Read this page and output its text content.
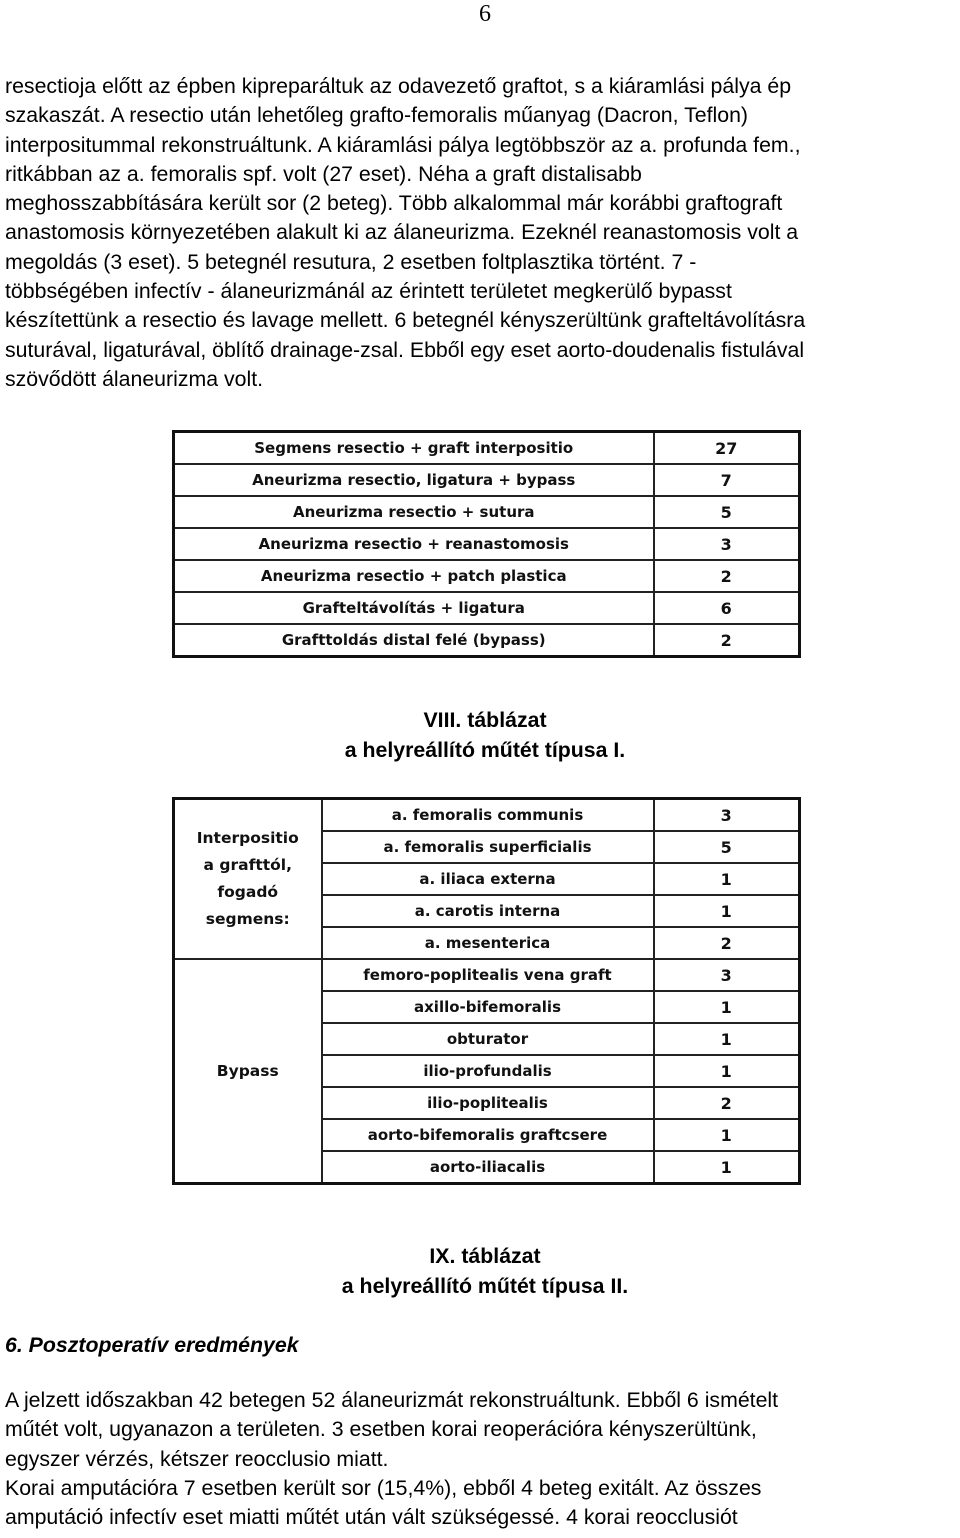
6
resectioja előtt az épben kipreparáltuk az odavezető graftot, s a kiáramlási pálya ép
szakaszát. A resectio után lehetőleg grafto-femoralis műanyag (Dacron, Teflon)
interpositummal rekonstruáltunk. A kiáramlási pálya legtöbbször az a. profunda fem.,
ritkábban az a. femoralis spf. volt (27 eset). Néha a graft distalisabb
meghosszabbítására került sor (2 beteg). Több alkalommal már korábbi graftograft
anastomosis környezetében alakult ki az álaneurizma. Ezeknél reanastomosis volt a
megoldás (3 eset). 5 betegnél resutura, 2 esetben foltplasztika történt. 7 -
többségében infectív - álaneurizmánál az érintett területet megkerülő bypasst
készítettünk a resectio és lavage mellett. 6 betegnél kényszerültünk grafteltávolításra
suturával, ligaturával, öblítő drainage-zsal. Ebből egy eset aorto-doudenalis fistulával
szövődött álaneurizma volt.
Segmens resectio + graft interpositio	27
Aneurizma resectio, ligatura + bypass	7
Aneurizma resectio + sutura	5
Aneurizma resectio + reanastomosis	3
Aneurizma resectio + patch plastica	2
Grafteltávolítás + ligatura	6
Grafttoldás distal felé (bypass)	2
VIII. táblázat
a helyreállító műtét típusa I.
Interpositio
a grafttól,
fogadó
segmens:	a. femoralis communis	3
	a. femoralis superficialis	5
	a. iliaca externa	1
	a. carotis interna	1
	a. mesenterica	2
Bypass	femoro-poplitealis vena graft	3
	axillo-bifemoralis	1
	obturator	1
	ilio-profundalis	1
	ilio-poplitealis	2
	aorto-bifemoralis graftcsere	1
	aorto-iliacalis	1
IX. táblázat
a helyreállító műtét típusa II.
6. Posztoperatív eredmények
A jelzett időszakban 42 betegen 52 álaneurizmát rekonstruáltunk. Ebből 6 ismételt
műtét volt, ugyanazon a területen. 3 esetben korai reoperációra kényszerültünk,
egyszer vérzés, kétszer reocclusio miatt.
Korai amputációra 7 esetben került sor (15,4%), ebből 4 beteg exitált. Az összes
amputáció infectív eset miatti műtét után vált szükségessé. 4 korai reocclusiót
